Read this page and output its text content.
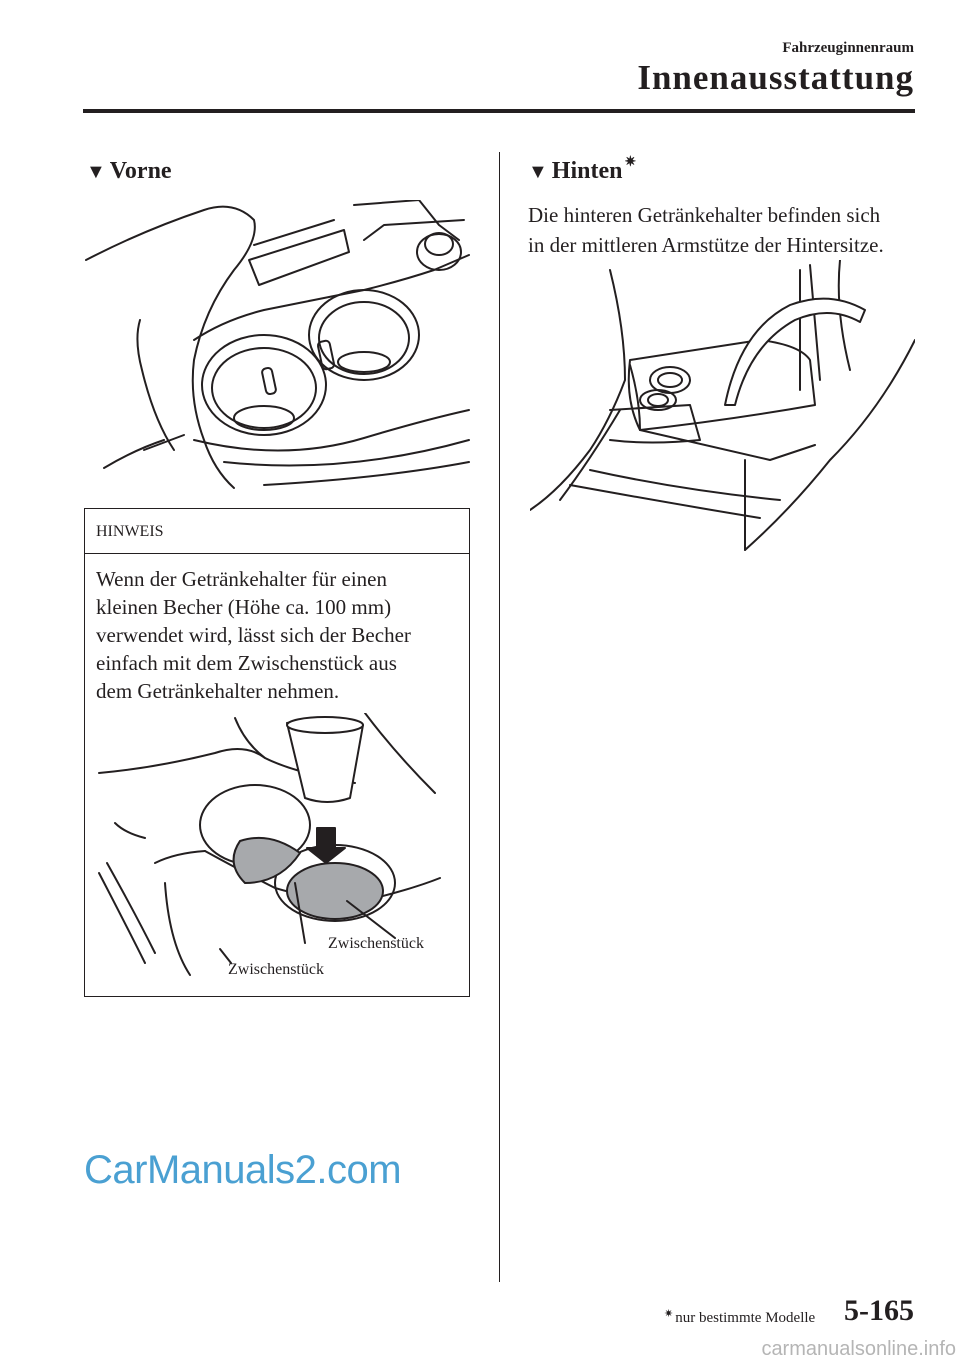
Fahrzeuginnenraum
Innenausstattung
▼ Vorne
HINWEIS
Wenn der Getränkehalter für einen
kleinen Becher (Höhe ca. 100 mm)
verwendet wird, lässt sich der Becher
einfach mit dem Zwischenstück aus
dem Getränkehalter nehmen.
Zwischenstück
Zwischenstück
▼ Hinten ✷
Die hinteren Getränkehalter befinden sich
in der mittleren Armstütze der Hintersitze.
CarManuals2.com
✷ nur bestimmte Modelle 5-165
carmanualsonline.info
